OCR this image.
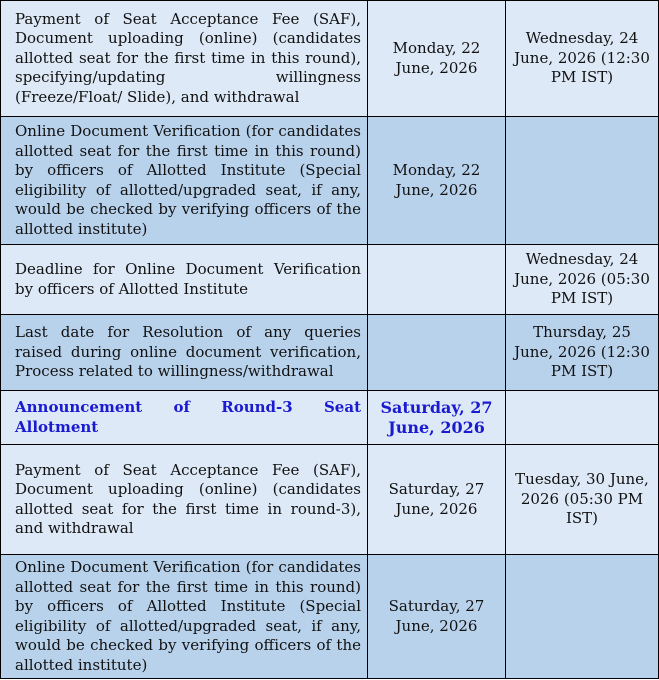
Payment of Seat Acceptance Fee (SAF), Document uploading (online) (candidates allotted seat for the first time in this round), specifying/updating willingness (Freeze/Float/ Slide), and withdrawal	Monday, 22 June, 2026	Wednesday, 24 June, 2026 (12:30 PM IST)
Online Document Verification (for candidates allotted seat for the first time in this round) by officers of Allotted Institute (Special eligibility of allotted/upgraded seat, if any, would be checked by verifying officers of the allotted institute)	Monday, 22 June, 2026	
Deadline for Online Document Verification by officers of Allotted Institute		Wednesday, 24 June, 2026 (05:30 PM IST)
Last date for Resolution of any queries raised during online document verification, Process related to willingness/withdrawal		Thursday, 25 June, 2026 (12:30 PM IST)
Announcement of Round-3 Seat Allotment	Saturday, 27 June, 2026	
Payment of Seat Acceptance Fee (SAF), Document uploading (online) (candidates allotted seat for the first time in round-3), and withdrawal	Saturday, 27 June, 2026	Tuesday, 30 June, 2026 (05:30 PM IST)
Online Document Verification (for candidates allotted seat for the first time in this round) by officers of Allotted Institute (Special eligibility of allotted/upgraded seat, if any, would be checked by verifying officers of the allotted institute)	Saturday, 27 June, 2026	
